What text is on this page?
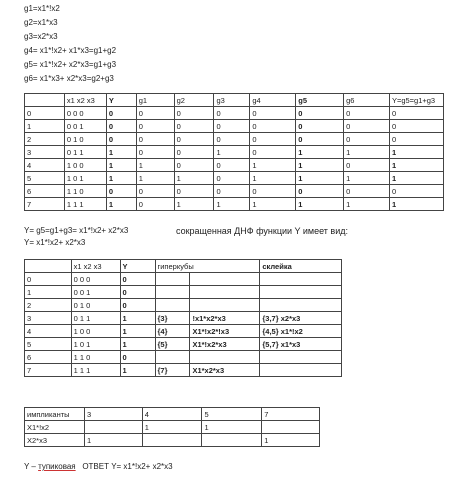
g1=x1*!x2
g2=x1*x3
g3=x2*x3
g4= x1*!x2+ x1*x3=g1+g2
g5= x1*!x2+ x2*x3=g1+g3
g6= x1*x3+ x2*x3=g2+g3
	x1 x2 x3	Y	g1	g2	g3	g4	g5	g6	Y=g5=g1+g3
0	0 0 0	0	0	0	0	0	0	0	0
1	0 0 1	0	0	0	0	0	0	0	0
2	0 1 0	0	0	0	0	0	0	0	0
3	0 1 1	1	0	0	1	0	1	1	1
4	1 0 0	1	1	0	0	1	1	0	1
5	1 0 1	1	1	1	0	1	1	1	1
6	1 1 0	0	0	0	0	0	0	0	0
7	1 1 1	1	0	1	1	1	1	1	1
Y= g5=g1+g3= x1*!x2+ x2*x3	сокращенная ДНФ функции Y имеет вид:
Y= x1*!x2+ x2*x3
	x1 x2 x3	Y	гиперкубы		склейка
0	0 0 0	0			
1	0 0 1	0			
2	0 1 0	0			
3	0 1 1	1	{3}	!x1*x2*x3	{3,7} x2*x3
4	1 0 0	1	{4}	X1*!x2*!x3	{4,5} x1*!x2
5	1 0 1	1	{5}	X1*!x2*x3	{5,7} x1*x3
6	1 1 0	0			
7	1 1 1	1	{7}	X1*x2*x3	
импликанты	3	4	5	7
X1*!x2		1	1	
X2*x3	1			1
Y – тупиковая ОТВЕТ Y= x1*!x2+ x2*x3
